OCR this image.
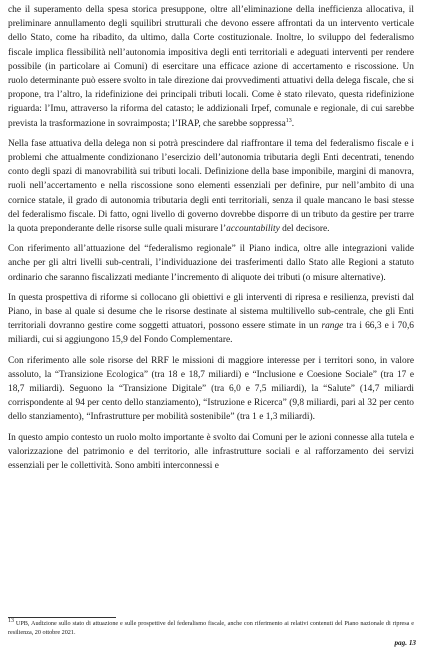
che il superamento della spesa storica presuppone, oltre all’eliminazione della inefficienza allocativa, il preliminare annullamento degli squilibri strutturali che devono essere affrontati da un intervento verticale dello Stato, come ha ribadito, da ultimo, dalla Corte costituzionale. Inoltre, lo sviluppo del federalismo fiscale implica flessibilità nell’autonomia impositiva degli enti territoriali e adeguati interventi per rendere possibile (in particolare ai Comuni) di esercitare una efficace azione di accertamento e riscossione. Un ruolo determinante può essere svolto in tale direzione dai provvedimenti attuativi della delega fiscale, che si propone, tra l’altro, la ridefinizione dei principali tributi locali. Come è stato rilevato, questa ridefinizione riguarda: l’Imu, attraverso la riforma del catasto; le addizionali Irpef, comunale e regionale, di cui sarebbe prevista la trasformazione in sovraimposta; l’IRAP, che sarebbe soppressa$^{13}$.

Nella fase attuativa della delega non si potrà prescindere dal riaffrontare il tema del federalismo fiscale e i problemi che attualmente condizionano l’esercizio dell’autonomia tributaria degli Enti decentrati, tenendo conto degli spazi di manovrabilità sui tributi locali. Definizione della base imponibile, margini di manovra, ruoli nell’accertamento e nella riscossione sono elementi essenziali per definire, pur nell’ambito di una cornice statale, il grado di autonomia tributaria degli enti territoriali, senza il quale mancano le basi stesse del federalismo fiscale. Di fatto, ogni livello di governo dovrebbe disporre di un tributo da gestire per trarre la quota preponderante delle risorse sulle quali misurare l’accountability del decisore.

Con riferimento all’attuazione del “federalismo regionale” il Piano indica, oltre alle integrazioni valide anche per gli altri livelli sub-centrali, l’individuazione dei trasferimenti dallo Stato alle Regioni a statuto ordinario che saranno fiscalizzati mediante l’incremento di aliquote dei tributi (o misure alternative).

In questa prospettiva di riforme si collocano gli obiettivi e gli interventi di ripresa e resilienza, previsti dal Piano, in base al quale si desume che le risorse destinate al sistema multilivello sub-centrale, che gli Enti territoriali dovranno gestire come soggetti attuatori, possono essere stimate in un range tra i 66,3 e i 70,6 miliardi, cui si aggiungono 15,9 del Fondo Complementare.

Con riferimento alle sole risorse del RRF le missioni di maggiore interesse per i territori sono, in valore assoluto, la “Transizione Ecologica” (tra 18 e 18,7 miliardi) e “Inclusione e Coesione Sociale” (tra 17 e 18,7 miliardi). Seguono la “Transizione Digitale” (tra 6,0 e 7,5 miliardi), la “Salute” (14,7 miliardi corrispondente al 94 per cento dello stanziamento), “Istruzione e Ricerca” (9,8 miliardi, pari al 32 per cento dello stanziamento), “Infrastrutture per mobilità sostenibile” (tra 1 e 1,3 miliardi).

In questo ampio contesto un ruolo molto importante è svolto dai Comuni per le azioni connesse alla tutela e valorizzazione del patrimonio e del territorio, alle infrastrutture sociali e al rafforzamento dei servizi essenziali per le collettività. Sono ambiti interconnessi e

$^{13}$ UPB, Audizione sullo stato di attuazione e sulle prospettive del federalismo fiscale, anche con riferimento ai relativi contenuti del Piano nazionale di ripresa e resilienza, 20 ottobre 2021.
pag. 13
